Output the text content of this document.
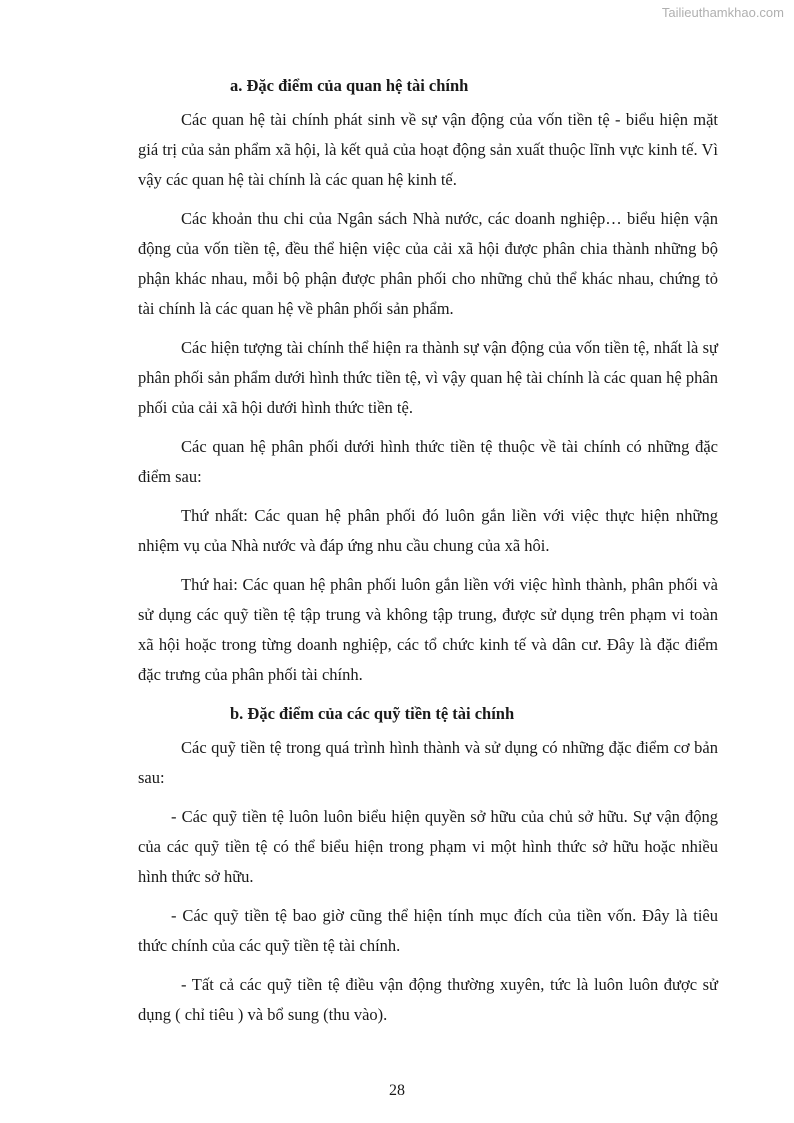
Tailieuthamkhao.com
a. Đặc điểm của quan hệ tài chính

Các quan hệ tài chính phát sinh về sự vận động của vốn tiền tệ - biểu hiện mặt giá trị của sản phẩm xã hội, là kết quả của hoạt động sản xuất thuộc lĩnh vực kinh tế. Vì vậy các quan hệ tài chính là các quan hệ kinh tế.

Các khoản thu chi của Ngân sách Nhà nước, các doanh nghiệp… biểu hiện vận động của vốn tiền tệ, đều thể hiện việc của cải xã hội được phân chia thành những bộ phận khác nhau, mỗi bộ phận được phân phối cho những chủ thể khác nhau, chứng tỏ tài chính là các quan hệ về phân phối sản phẩm.

Các hiện tượng tài chính thể hiện ra thành sự vận động của vốn tiền tệ, nhất là sự phân phối sản phẩm dưới hình thức tiền tệ, vì vậy quan hệ tài chính là các quan hệ phân phối của cải xã hội dưới hình thức tiền tệ.

Các quan hệ phân phối dưới hình thức tiền tệ thuộc về tài chính có những đặc điểm sau:

Thứ nhất: Các quan hệ phân phối đó luôn gắn liền với việc thực hiện những nhiệm vụ của Nhà nước và đáp ứng nhu cầu chung của xã hôi.

Thứ hai: Các quan hệ phân phối luôn gắn liền với việc hình thành, phân phối và sử dụng các quỹ tiền tệ tập trung và không tập trung, được sử dụng trên phạm vi toàn xã hội hoặc trong từng doanh nghiệp, các tổ chức kinh tế và dân cư. Đây là đặc điểm đặc trưng của phân phối tài chính.

b. Đặc điểm của các quỹ tiền tệ tài chính

Các quỹ tiền tệ trong quá trình hình thành và sử dụng có những đặc điểm cơ bản sau:

- Các quỹ tiền tệ luôn luôn biểu hiện quyền sở hữu của chủ sở hữu. Sự vận động của các quỹ tiền tệ có thể biểu hiện trong phạm vi một hình thức sở hữu hoặc nhiều hình thức sở hữu.

- Các quỹ tiền tệ bao giờ cũng thể hiện tính mục đích của tiền vốn. Đây là tiêu thức chính của các quỹ tiền tệ tài chính.

- Tất cả các quỹ tiền tệ điều vận động thường xuyên, tức là luôn luôn được sử dụng ( chỉ tiêu ) và bổ sung (thu vào).

28
